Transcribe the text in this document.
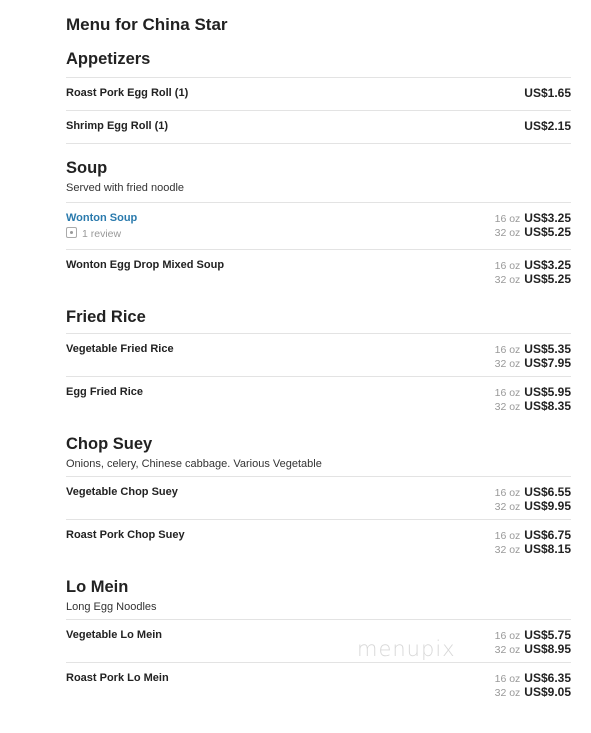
Menu for China Star
Appetizers
Roast Pork Egg Roll (1)	US$1.65
Shrimp Egg Roll (1)	US$2.15
Soup

Served with fried noodle

Wonton Soup
1 review
16 oz US$3.25
32 oz US$5.25
Wonton Egg Drop Mixed Soup	16 oz US$3.25
32 oz US$5.25
Fried Rice
Vegetable Fried Rice	16 oz US$5.35
32 oz US$7.95
Egg Fried Rice	16 oz US$5.95
32 oz US$8.35
Chop Suey

Onions, celery, Chinese cabbage. Various Vegetable

Vegetable Chop Suey	16 oz US$6.55
32 oz US$9.95
Roast Pork Chop Suey	16 oz US$6.75
32 oz US$8.15
Lo Mein

Long Egg Noodles

Vegetable Lo Mein	16 oz US$5.75
32 oz US$8.95
Roast Pork Lo Mein	16 oz US$6.35
32 oz US$9.05
menupix
